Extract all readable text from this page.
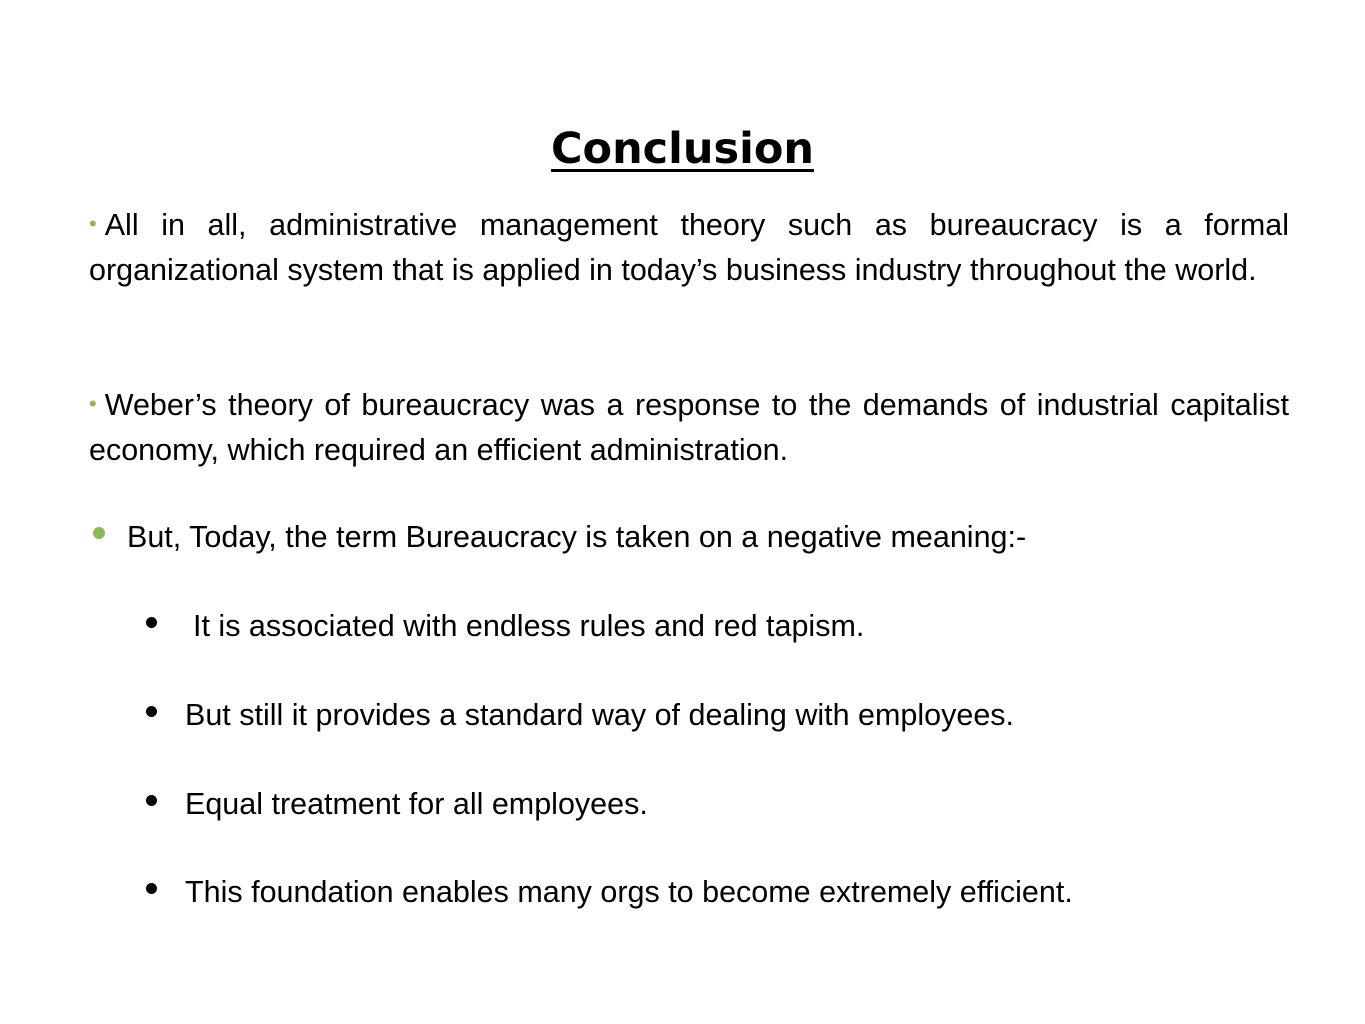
Conclusion

• All in all, administrative management theory such as bureaucracy is a formal organizational system that is applied in today’s business industry throughout the world.

• Weber’s theory of bureaucracy was a response to the demands of industrial capitalist economy, which required an efficient administration.

But, Today, the term Bureaucracy is taken on a negative meaning:-

It is associated with endless rules and red tapism.

But still it provides a standard way of dealing with employees.

Equal treatment for all employees.

This foundation enables many orgs to become extremely efficient.
